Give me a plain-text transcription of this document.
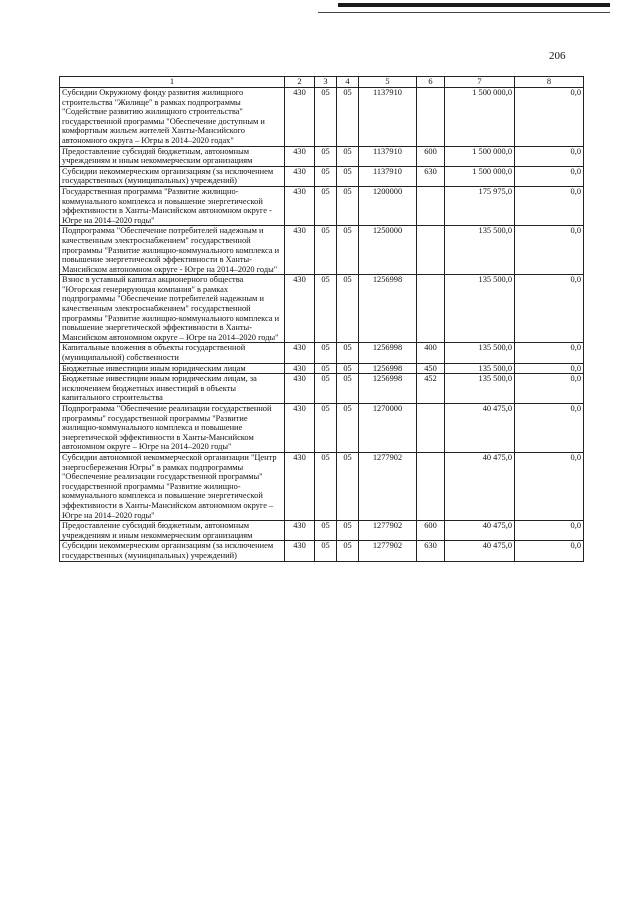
206
1	2	3	4	5	6	7	8
Субсидии Окружному фонду развития жилищного строительства "Жилище" в рамках подпрограммы "Содействие развитию жилищного строительства" государственной программы "Обеспечение доступным и комфортным жильем жителей Ханты-Мансийского автономного округа – Югры в 2014–2020 годах"	430	05	05	1137910		1 500 000,0	0,0
Предоставление субсидий бюджетным, автономным учреждениям и иным некоммерческим организациям	430	05	05	1137910	600	1 500 000,0	0,0
Субсидии некоммерческим организациям (за исключением государственных (муниципальных) учреждений)	430	05	05	1137910	630	1 500 000,0	0,0
Государственная программа "Развитие жилищно-коммунального комплекса и повышение энергетической эффективности в Ханты-Мансийском автономном округе - Югре на 2014–2020 годы"	430	05	05	1200000		175 975,0	0,0
Подпрограмма "Обеспечение потребителей надежным и качественным электроснабжением" государственной программы "Развитие жилищно-коммунального комплекса и повышение энергетической эффективности в Ханты-Мансийском автономном округе - Югре на 2014–2020 годы"	430	05	05	1250000		135 500,0	0,0
Взнос в уставный капитал акционерного общества "Югорская генерирующая компания" в рамках подпрограммы "Обеспечение потребителей надежным и качественным электроснабжением" государственной программы "Развитие жилищно-коммунального комплекса и повышение энергетической эффективности в Ханты-Мансийском автономном округе – Югре на 2014–2020 годы"	430	05	05	1256998		135 500,0	0,0
Капитальные вложения в объекты государственной (муниципальной) собственности	430	05	05	1256998	400	135 500,0	0,0
Бюджетные инвестиции иным юридическим лицам	430	05	05	1256998	450	135 500,0	0,0
Бюджетные инвестиции иным юридическим лицам, за исключением бюджетных инвестиций в объекты капитального строительства	430	05	05	1256998	452	135 500,0	0,0
Подпрограмма "Обеспечение реализации государственной программы" государственной программы "Развитие жилищно-коммунального комплекса и повышение энергетической эффективности в Ханты-Мансийском автономном округе – Югре на 2014–2020 годы"	430	05	05	1270000		40 475,0	0,0
Субсидии автономной некоммерческой организации "Центр энергосбережения Югры" в рамках подпрограммы "Обеспечение реализации государственной программы" государственной программы "Развитие жилищно-коммунального комплекса и повышение энергетической эффективности в Ханты-Мансийском автономном округе – Югре на 2014–2020 годы"	430	05	05	1277902		40 475,0	0,0
Предоставление субсидий бюджетным, автономным учреждениям и иным некоммерческим организациям	430	05	05	1277902	600	40 475,0	0,0
Субсидии некоммерческим организациям (за исключением государственных (муниципальных) учреждений)	430	05	05	1277902	630	40 475,0	0,0
